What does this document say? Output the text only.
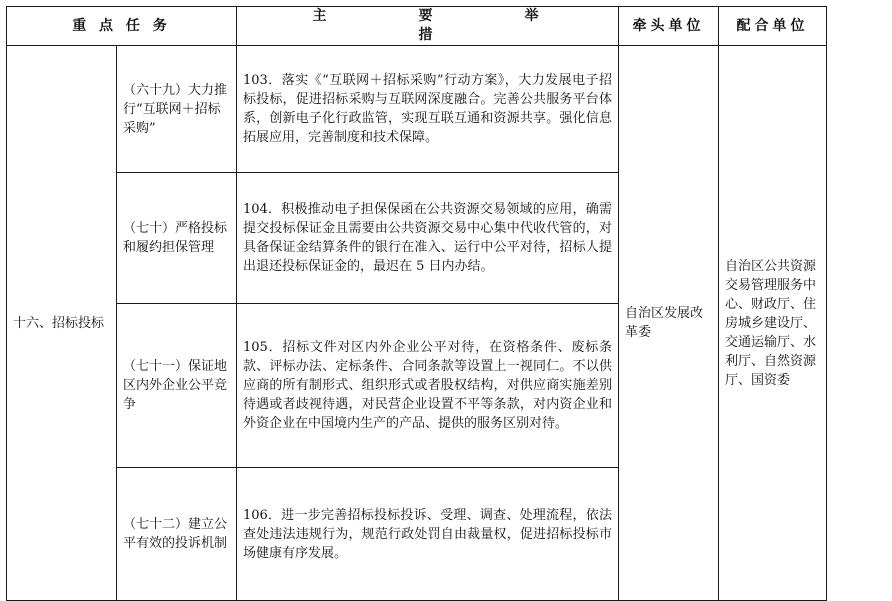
重 点 任 务		主 要 举措	牵头单位	配合单位
十六、招标投标	（六十九）大力推行“互联网＋招标采购”	103．落实《“互联网＋招标采购”行动方案》，大力发展电子招标投标，促进招标采购与互联网深度融合。完善公共服务平台体系，创新电子化行政监管，实现互联互通和资源共享。强化信息拓展应用，完善制度和技术保障。	自治区发展改革委	自治区公共资源交易管理服务中心、财政厅、住房城乡建设厅、交通运输厅、水利厅、自然资源厅、国资委
	（七十）严格投标和履约担保管理	104．积极推动电子担保保函在公共资源交易领域的应用，确需提交投标保证金且需要由公共资源交易中心集中代收代管的，对具备保证金结算条件的银行在准入、运行中公平对待，招标人提出退还投标保证金的，最迟在 5 日内办结。		
	（七十一）保证地区内外企业公平竞争	105．招标文件对区内外企业公平对待，在资格条件、废标条款、评标办法、定标条件、合同条款等设置上一视同仁。不以供应商的所有制形式、组织形式或者股权结构，对供应商实施差别待遇或者歧视待遇，对民营企业设置不平等条款，对内资企业和外资企业在中国境内生产的产品、提供的服务区别对待。		
	（七十二）建立公平有效的投诉机制	106．进一步完善招标投标投诉、受理、调查、处理流程，依法查处违法违规行为，规范行政处罚自由裁量权，促进招标投标市场健康有序发展。		
